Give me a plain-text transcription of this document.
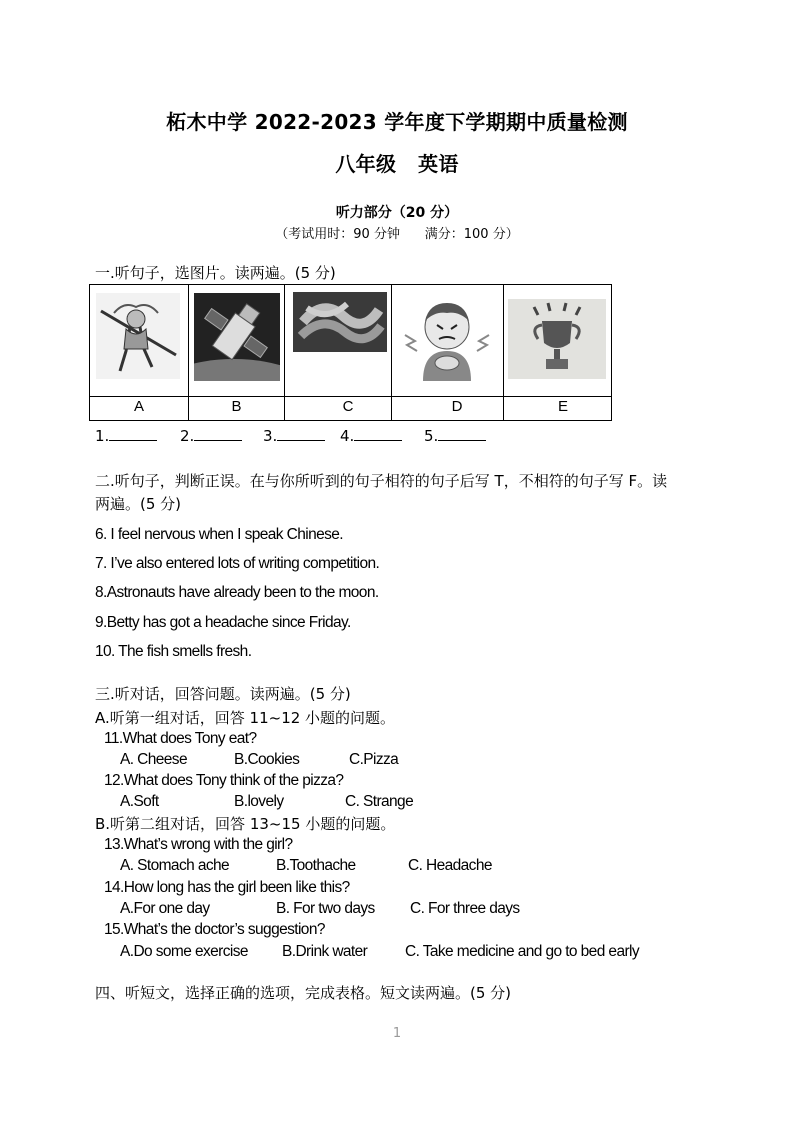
柘木中学 2022-2023 学年度下学期期中质量检测
八年级   英语
听力部分（20 分）
（考试用时：90 分钟      满分：100 分）
一.听句子，选图片。读两遍。(5 分)
A	B	C	D	E
1.	2.	3.	4.	5.
二.听句子，判断正误。在与你所听到的句子相符的句子后写 T，不相符的句子写 F。读
两遍。(5 分)
6. I feel nervous when I speak Chinese.
7. I’ve also entered lots of writing competition.
8.Astronauts have already been to the moon.
9.Betty has got a headache since Friday.
10. The fish smells fresh.
三.听对话，回答问题。读两遍。(5 分)
A.听第一组对话，回答 11~12 小题的问题。
11.What does Tony eat?
A. Cheese	B.Cookies	C.Pizza
12.What does Tony think of the pizza?
A.Soft	B.lovely	C. Strange
B.听第二组对话，回答 13~15 小题的问题。
13.What’s wrong with the girl?
A. Stomach ache	B.Toothache	C. Headache
14.How long has the girl been like this?
A.For one day	B. For two days C. For three days
15.What’s the doctor’s suggestion?
A.Do some exercise B.Drink water C. Take medicine and go to bed early
四、听短文，选择正确的选项，完成表格。短文读两遍。(5 分)
1
